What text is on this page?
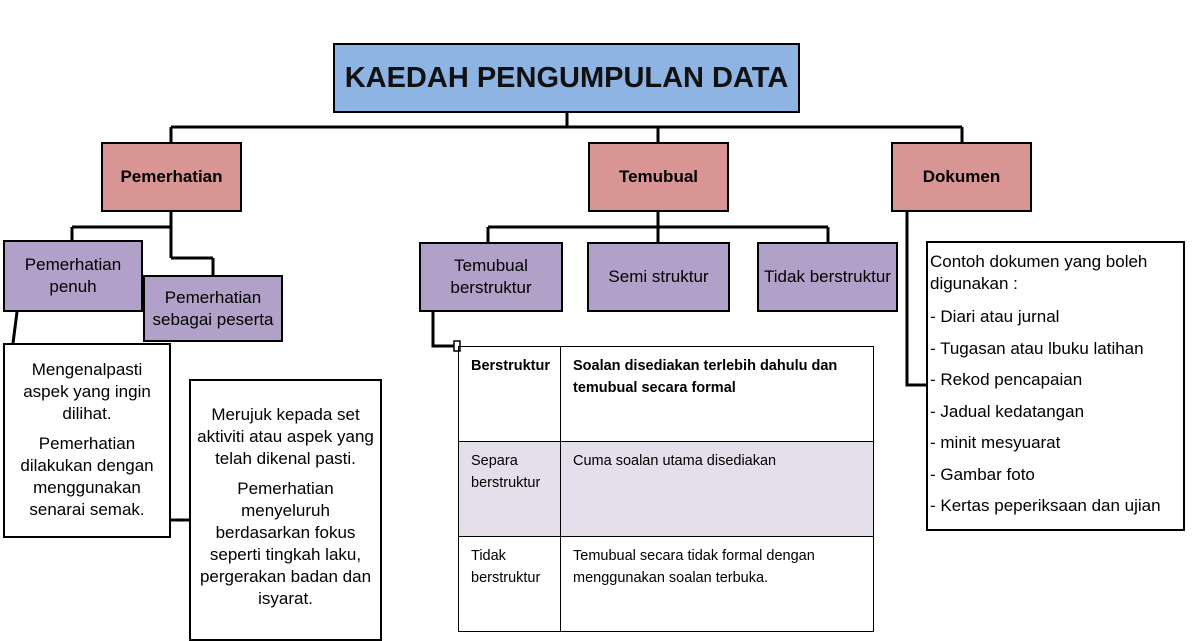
KAEDAH PENGUMPULAN DATA
Pemerhatian	Temubual	Dokumen
Pemerhatian penuh
Pemerhatian sebagai peserta

Mengenalpasti aspek yang ingin dilihat.

Pemerhatian dilakukan dengan menggunakan senarai semak.

Merujuk kepada set aktiviti atau aspek yang telah dikenal pasti.

Pemerhatian menyeluruh berdasarkan fokus seperti tingkah laku, pergerakan badan dan isyarat.

Temubual berstruktur
Semi struktur	Tidak berstruktur
Berstruktur	Soalan disediakan terlebih dahulu dan temubual secara formal
Separa berstruktur	Cuma soalan utama disediakan
Tidak berstruktur	Temubual secara tidak formal dengan menggunakan soalan terbuka.

Contoh dokumen yang boleh digunakan :

- Diari atau jurnal
- Tugasan atau lbuku latihan
- Rekod pencapaian
- Jadual kedatangan
- minit mesyuarat
- Gambar foto
- Kertas peperiksaan dan ujian
